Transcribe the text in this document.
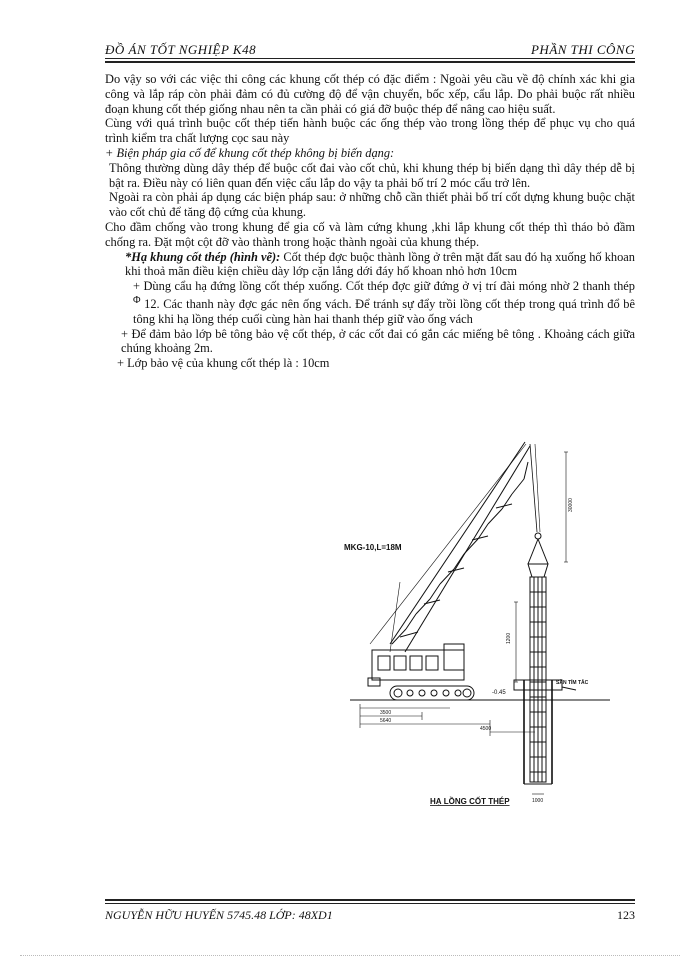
ĐỒ ÁN TỐT NGHIỆP K48	PHẦN THI CÔNG

Do vậy so với các việc thi công các khung cốt thép có đặc điểm : Ngoài yêu cầu về độ chính xác khi gia công và lắp ráp còn phải đảm có đủ cường độ để vận chuyển, bốc xếp, cẩu lắp. Do phải buộc rất nhiều đoạn khung cốt thép giống nhau nên ta cần phải có giá đỡ buộc thép để nâng cao hiệu suất.

Cùng với quá trình buộc cốt thép tiến hành buộc các ống thép vào trong lồng thép để phục vụ cho quá trình kiểm tra chất lượng cọc sau này

+ Biện pháp gia cố để khung cốt thép không bị biến dạng:

Thông thường dùng dây thép để buộc cốt đai vào cốt chủ, khi khung thép bị biến dạng thì dây thép dễ bị bật ra. Điều này có liên quan đến việc cẩu lắp do vậy ta phải bố trí 2 móc cẩu trở lên.

Ngoài ra còn phải áp dụng các biện pháp sau: ở những chỗ cần thiết phải bố trí cốt dựng khung buộc chặt vào cốt chủ để tăng độ cứng của khung.

Cho đầm chống vào trong khung để gia cố và làm cứng khung ,khi lắp khung cốt thép thì tháo bỏ đầm chống ra. Đặt một cột đỡ vào thành trong hoặc thành ngoài của khung thép.

*Hạ khung cốt thép (hình vẽ): Cốt thép đợc buộc thành lồng ở trên mặt đất sau đó hạ xuống hố khoan khi thoả mãn điều kiện chiều dày lớp cặn lắng dới đáy hố khoan nhỏ hơn 10cm

+ Dùng cẩu hạ đứng lồng cốt thép xuống. Cốt thép đợc giữ đứng ở vị trí đài móng nhờ 2 thanh thép $^\Phi$ 12. Các thanh này đợc gác nên ống vách. Để tránh sự đẩy trồi lồng cốt thép trong quá trình đổ bê tông khi hạ lồng thép cuối cùng hàn hai thanh thép giữ vào ống vách

+ Để đảm bảo lớp bê tông bảo vệ cốt thép, ở các cốt đai có gắn các miếng bê tông . Khoảng cách giữa chúng khoảng 2m.

+ Lớp bảo vệ của khung cốt thép là : 10cm

MKG-10,L=18M
-0.45
SÀN TÍM TẮC
3500
5640
4500
1200
30000
1000
HẠ LỒNG CỐT THÉP
NGUYỄN HỮU HUYẾN 5745.48 LỚP: 48XD1	123
